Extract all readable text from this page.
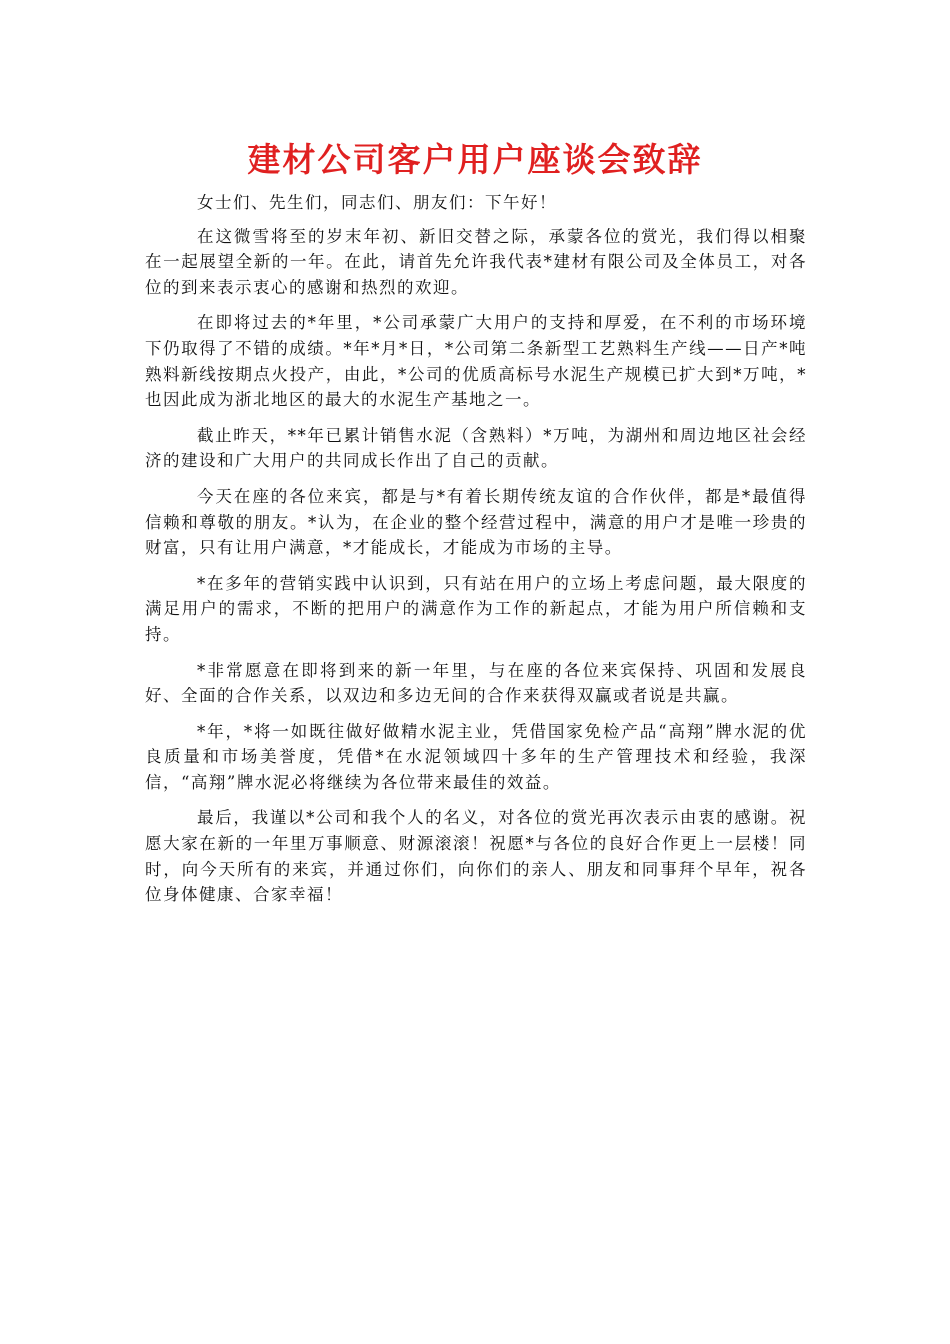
建材公司客户用户座谈会致辞

女士们、先生们，同志们、朋友们：下午好！

在这微雪将至的岁末年初、新旧交替之际，承蒙各位的赏光，我们得以相聚在一起展望全新的一年。在此，请首先允许我代表*建材有限公司及全体员工，对各位的到来表示衷心的感谢和热烈的欢迎。

在即将过去的*年里，*公司承蒙广大用户的支持和厚爱，在不利的市场环境下仍取得了不错的成绩。*年*月*日，*公司第二条新型工艺熟料生产线——日产*吨熟料新线按期点火投产，由此，*公司的优质高标号水泥生产规模已扩大到*万吨，*也因此成为浙北地区的最大的水泥生产基地之一。

截止昨天，**年已累计销售水泥（含熟料）*万吨，为湖州和周边地区社会经济的建设和广大用户的共同成长作出了自己的贡献。

今天在座的各位来宾，都是与*有着长期传统友谊的合作伙伴，都是*最值得信赖和尊敬的朋友。*认为，在企业的整个经营过程中，满意的用户才是唯一珍贵的财富，只有让用户满意，*才能成长，才能成为市场的主导。

*在多年的营销实践中认识到，只有站在用户的立场上考虑问题，最大限度的满足用户的需求，不断的把用户的满意作为工作的新起点，才能为用户所信赖和支持。

*非常愿意在即将到来的新一年里，与在座的各位来宾保持、巩固和发展良好、全面的合作关系，以双边和多边无间的合作来获得双赢或者说是共赢。

*年，*将一如既往做好做精水泥主业，凭借国家免检产品“高翔”牌水泥的优良质量和市场美誉度，凭借*在水泥领域四十多年的生产管理技术和经验，我深信，“高翔”牌水泥必将继续为各位带来最佳的效益。

最后，我谨以*公司和我个人的名义，对各位的赏光再次表示由衷的感谢。祝愿大家在新的一年里万事顺意、财源滚滚！祝愿*与各位的良好合作更上一层楼！同时，向今天所有的来宾，并通过你们，向你们的亲人、朋友和同事拜个早年，祝各位身体健康、合家幸福！
